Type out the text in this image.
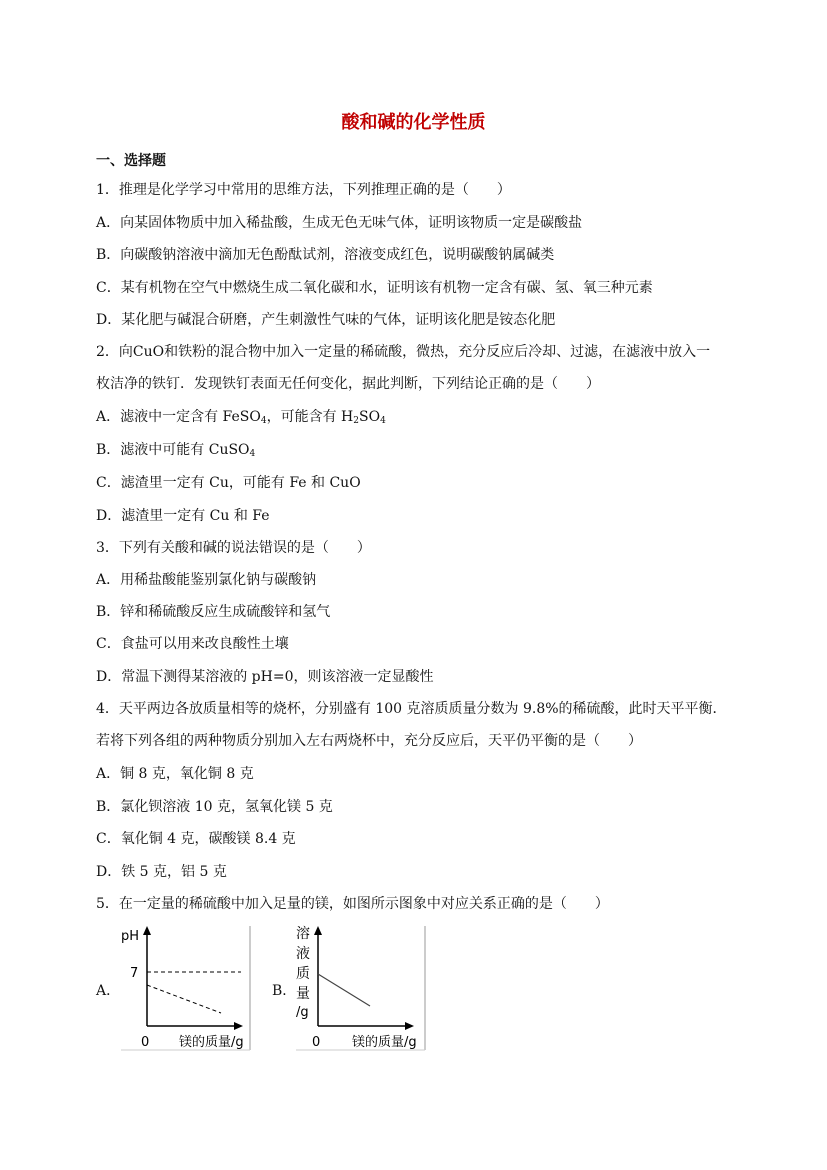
酸和碱的化学性质
一、选择题
1．推理是化学学习中常用的思维方法，下列推理正确的是（　　）
A．向某固体物质中加入稀盐酸，生成无色无味气体，证明该物质一定是碳酸盐
B．向碳酸钠溶液中滴加无色酚酞试剂，溶液变成红色，说明碳酸钠属碱类
C．某有机物在空气中燃烧生成二氧化碳和水，证明该有机物一定含有碳、氢、氧三种元素
D．某化肥与碱混合研磨，产生刺激性气味的气体，证明该化肥是铵态化肥
2．向CuO和铁粉的混合物中加入一定量的稀硫酸，微热，充分反应后冷却、过滤，在滤液中放入一
枚洁净的铁钉．发现铁钉表面无任何变化，据此判断，下列结论正确的是（　　）
A．滤液中一定含有 FeSO$_4$，可能含有 $H_2SO_4$
B．滤液中可能有 CuSO$_4$
C．滤渣里一定有 Cu，可能有 Fe 和 CuO
D．滤渣里一定有 Cu 和 Fe
3．下列有关酸和碱的说法错误的是（　　）
A．用稀盐酸能鉴别氯化钠与碳酸钠
B．锌和稀硫酸反应生成硫酸锌和氢气
C．食盐可以用来改良酸性土壤
D．常温下测得某溶液的 pH=0，则该溶液一定显酸性
4．天平两边各放质量相等的烧杯，分别盛有 100 克溶质质量分数为 9.8%的稀硫酸，此时天平平衡．
若将下列各组的两种物质分别加入左右两烧杯中，充分反应后，天平仍平衡的是（　　）
A．铜 8 克，氧化铜 8 克
B．氯化钡溶液 10 克，氢氧化镁 5 克
C．氧化铜 4 克，碳酸镁 8.4 克
D．铁 5 克，铝 5 克
5．在一定量的稀硫酸中加入足量的镁，如图所示图象中对应关系正确的是（　　）
A．
pH
7
0 镁的质量/g
B．
溶
液
质
量
/g
0 镁的质量/g
